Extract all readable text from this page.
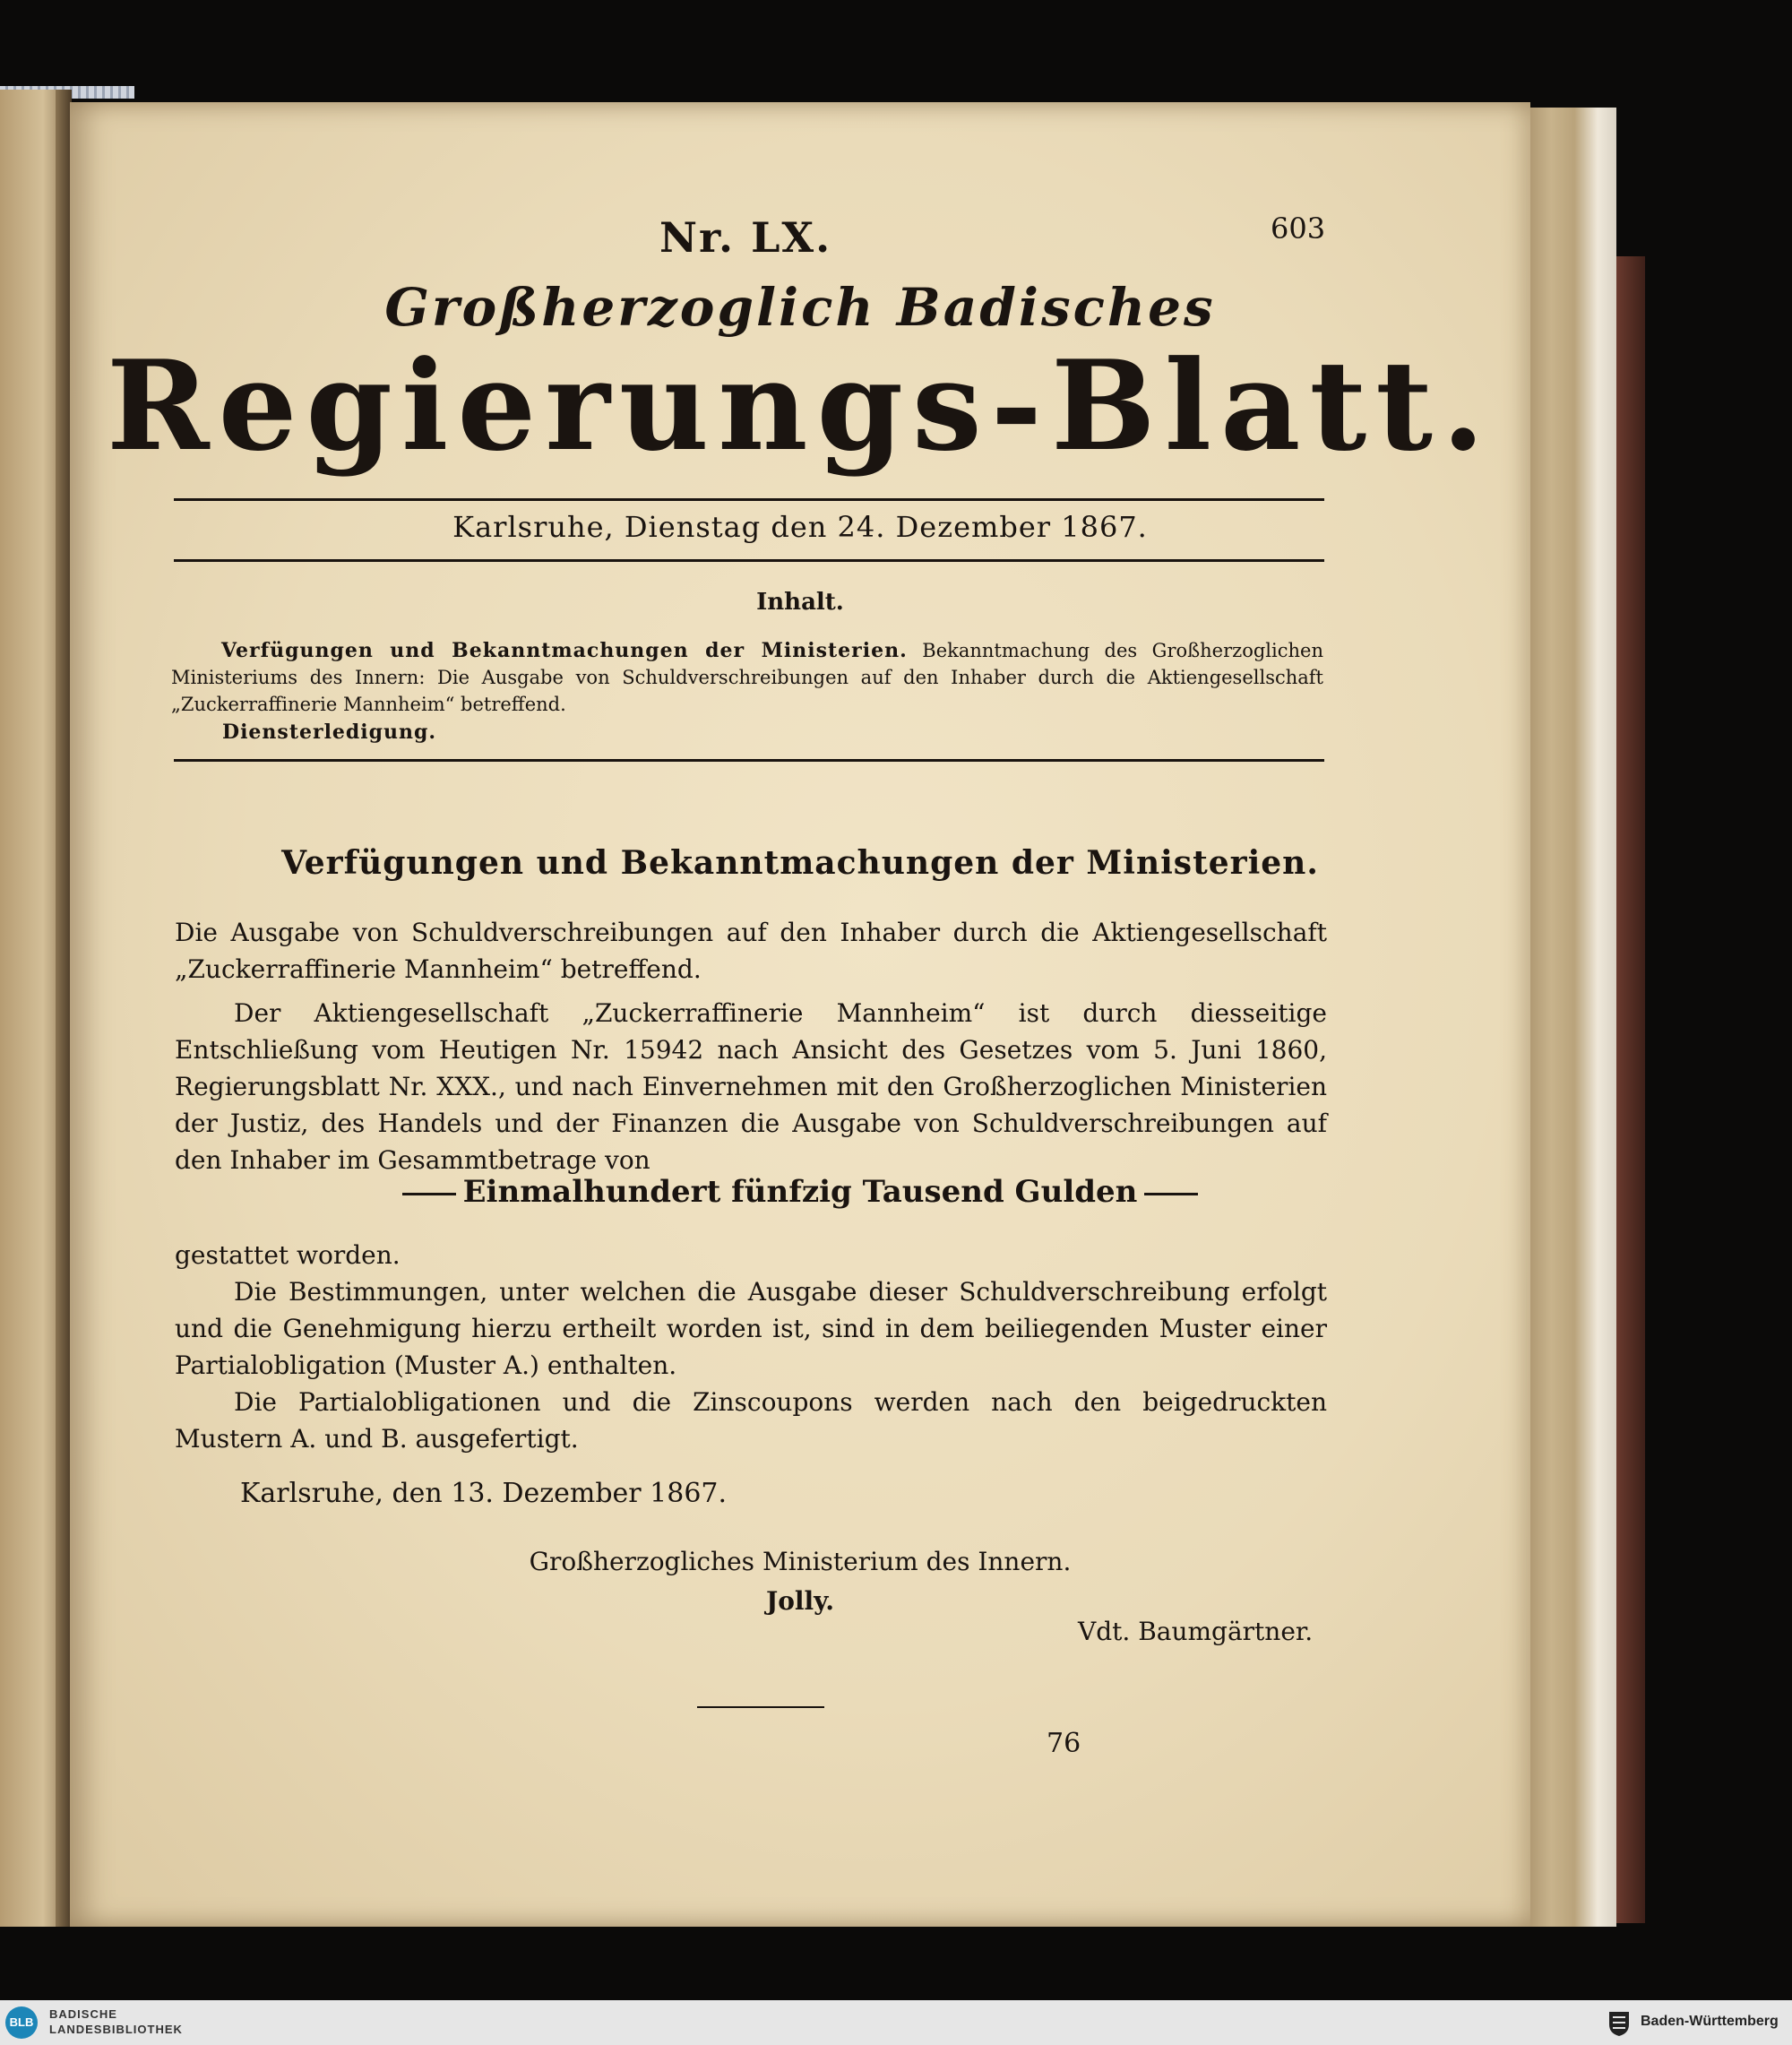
Nr. LX.	603
Großherzoglich Badisches
Regierungs-Blatt.
Karlsruhe, Dienstag den 24. Dezember 1867.
Inhalt.
Verfügungen und Bekanntmachungen der Ministerien. Bekanntmachung des Großherzoglichen Ministeriums des Innern: Die Ausgabe von Schuldverschreibungen auf den Inhaber durch die Aktiengesellschaft „Zuckerraffinerie Mannheim“ betreffend.
Diensterledigung.
Verfügungen und Bekanntmachungen der Ministerien.
Die Ausgabe von Schuldverschreibungen auf den Inhaber durch die Aktiengesellschaft „Zuckerraffinerie Mannheim“ betreffend.
Der Aktiengesellschaft „Zuckerraffinerie Mannheim“ ist durch diesseitige Entschließung vom Heutigen Nr. 15942 nach Ansicht des Gesetzes vom 5. Juni 1860, Regierungsblatt Nr. XXX., und nach Einvernehmen mit den Großherzoglichen Ministerien der Justiz, des Handels und der Finanzen die Ausgabe von Schuldverschreibungen auf den Inhaber im Gesammtbetrage von
Einmalhundert fünfzig Tausend Gulden
gestattet worden.
Die Bestimmungen, unter welchen die Ausgabe dieser Schuldverschreibung erfolgt und die Genehmigung hierzu ertheilt worden ist, sind in dem beiliegenden Muster einer Partialobligation (Muster A.) enthalten.
Die Partialobligationen und die Zinscoupons werden nach den beigedruckten Mustern A. und B. ausgefertigt.
Karlsruhe, den 13. Dezember 1867.
Großherzogliches Ministerium des Innern.
Jolly.
Vdt. Baumgärtner.
76
BLB
BADISCHE
LANDESBIBLIOTHEK
Baden-Württemberg
